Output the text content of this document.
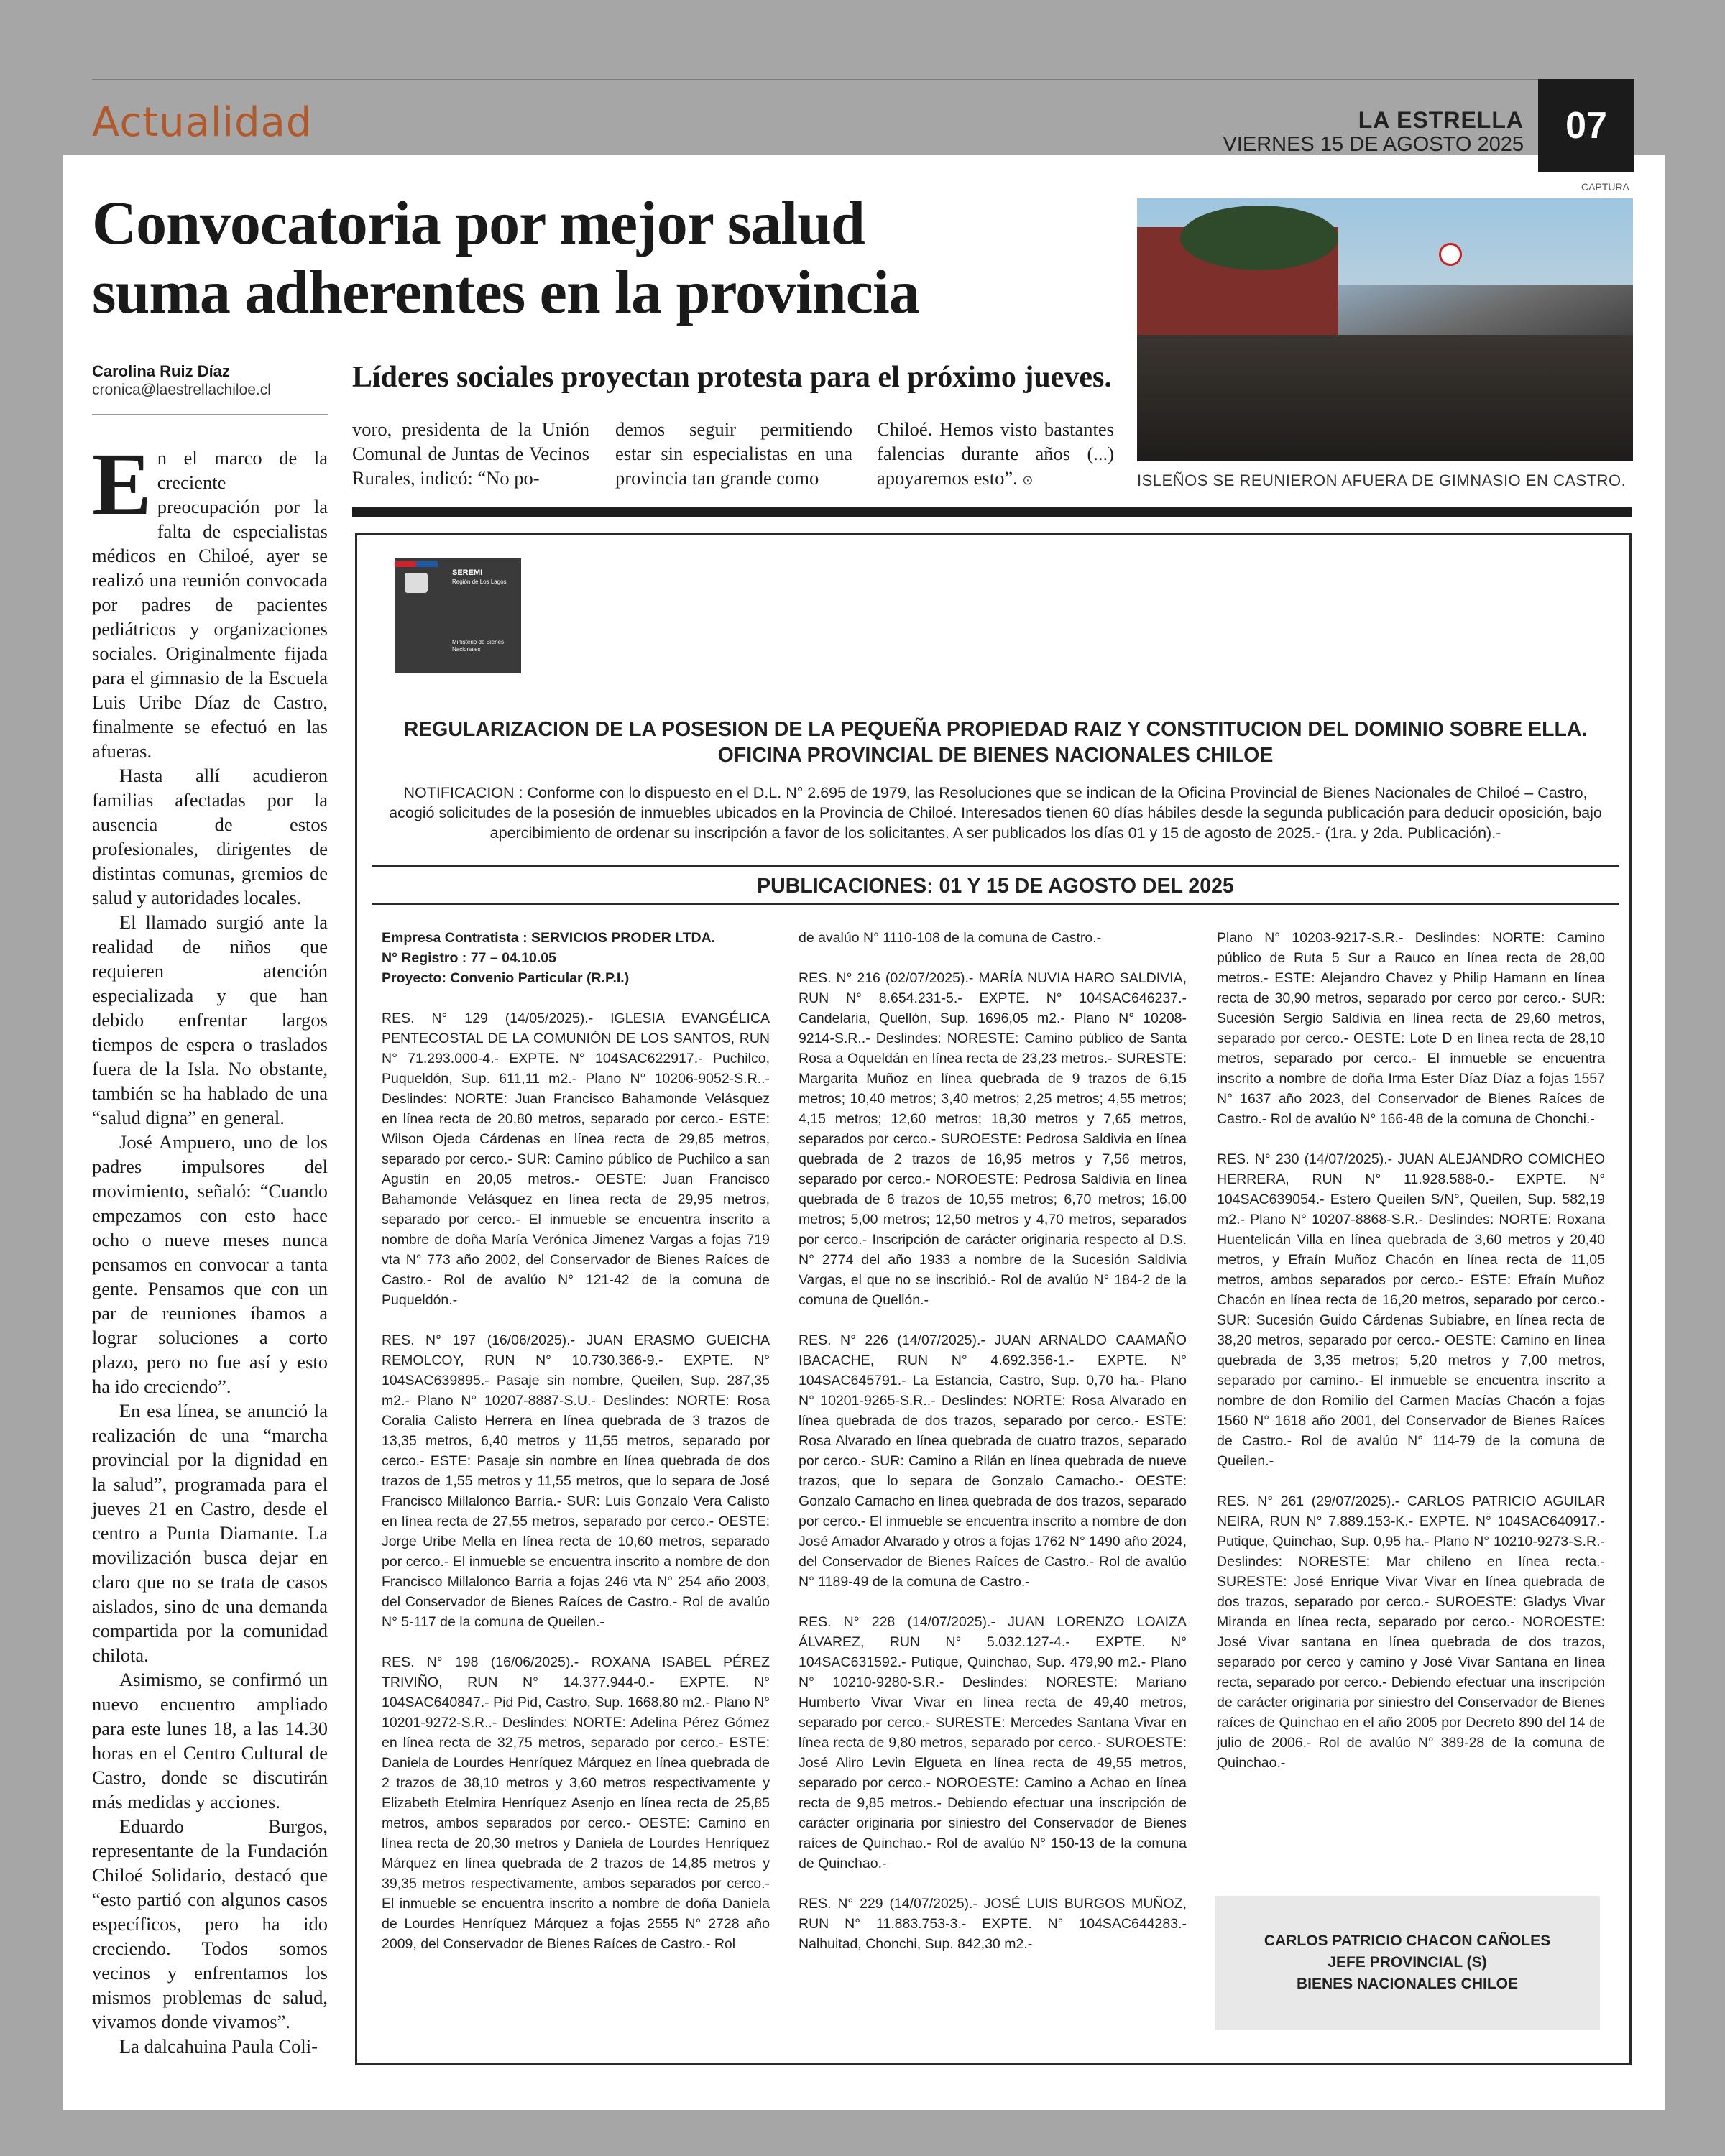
Actualidad	LA ESTRELLA
VIERNES 15 DE AGOSTO 2025	07
Convocatoria por mejor salud
suma adherentes en la provincia
Carolina Ruiz Díaz
cronica@laestrellachiloe.cl	Líderes sociales proyectan protesta para el próximo jueves.
CAPTURA
ISLEÑOS SE REUNIERON AFUERA DE GIMNASIO EN CASTRO.

En el marco de la creciente preocupación por la falta de especialistas médicos en Chiloé, ayer se realizó una reunión convocada por padres de pacientes pediátricos y organizaciones sociales. Originalmente fijada para el gimnasio de la Escuela Luis Uribe Díaz de Castro, finalmente se efectuó en las afueras.

Hasta allí acudieron familias afectadas por la ausencia de estos profesionales, dirigentes de distintas comunas, gremios de salud y autoridades locales.

El llamado surgió ante la realidad de niños que requieren atención especializada y que han debido enfrentar largos tiempos de espera o traslados fuera de la Isla. No obstante, también se ha hablado de una “salud digna” en general.

José Ampuero, uno de los padres impulsores del movimiento, señaló: “Cuando empezamos con esto hace ocho o nueve meses nunca pensamos en convocar a tanta gente. Pensamos que con un par de reuniones íbamos a lograr soluciones a corto plazo, pero no fue así y esto ha ido creciendo”.

En esa línea, se anunció la realización de una “marcha provincial por la dignidad en la salud”, programada para el jueves 21 en Castro, desde el centro a Punta Diamante. La movilización busca dejar en claro que no se trata de casos aislados, sino de una demanda compartida por la comunidad chilota.

Asimismo, se confirmó un nuevo encuentro ampliado para este lunes 18, a las 14.30 horas en el Centro Cultural de Castro, donde se discutirán más medidas y acciones.

Eduardo Burgos, representante de la Fundación Chiloé Solidario, destacó que “esto partió con algunos casos específicos, pero ha ido creciendo. Todos somos vecinos y enfrentamos los mismos problemas de salud, vivamos donde vivamos”.

La dalcahuina Paula Coli-

voro, presidenta de la Unión Comunal de Juntas de Vecinos Rurales, indicó: “No po-

demos seguir permitiendo estar sin especialistas en una provincia tan grande como

Chiloé. Hemos visto bastantes falencias durante años (...) apoyaremos esto”. ⊙

SEREMI
Región de Los Lagos
Ministerio de Bienes Nacionales
REGULARIZACION DE LA POSESION DE LA PEQUEÑA PROPIEDAD RAIZ Y CONSTITUCION DEL DOMINIO SOBRE ELLA.
OFICINA PROVINCIAL DE BIENES NACIONALES CHILOE
NOTIFICACION : Conforme con lo dispuesto en el D.L. N° 2.695 de 1979, las Resoluciones que se indican de la Oficina Provincial de Bienes Nacionales de Chiloé – Castro, acogió solicitudes de la posesión de inmuebles ubicados en la Provincia de Chiloé. Interesados tienen 60 días hábiles desde la segunda publicación para deducir oposición, bajo apercibimiento de ordenar su inscripción a favor de los solicitantes. A ser publicados los días 01 y 15 de agosto de 2025.- (1ra. y 2da. Publicación).-
PUBLICACIONES: 01 Y 15 DE AGOSTO DEL 2025

Empresa Contratista : SERVICIOS PRODER LTDA.
N° Registro : 77 – 04.10.05
Proyecto: Convenio Particular (R.P.I.)

RES. N° 129 (14/05/2025).- IGLESIA EVANGÉLICA PENTECOSTAL DE LA COMUNIÓN DE LOS SANTOS, RUN N° 71.293.000-4.- EXPTE. N° 104SAC622917.- Puchilco, Puqueldón, Sup. 611,11 m2.- Plano N° 10206-9052-S.R..- Deslindes: NORTE: Juan Francisco Bahamonde Velásquez en línea recta de 20,80 metros, separado por cerco.- ESTE: Wilson Ojeda Cárdenas en línea recta de 29,85 metros, separado por cerco.- SUR: Camino público de Puchilco a san Agustín en 20,05 metros.- OESTE: Juan Francisco Bahamonde Velásquez en línea recta de 29,95 metros, separado por cerco.- El inmueble se encuentra inscrito a nombre de doña María Verónica Jimenez Vargas a fojas 719 vta N° 773 año 2002, del Conservador de Bienes Raíces de Castro.- Rol de avalúo N° 121-42 de la comuna de Puqueldón.-

RES. N° 197 (16/06/2025).- JUAN ERASMO GUEICHA REMOLCOY, RUN N° 10.730.366-9.- EXPTE. N° 104SAC639895.- Pasaje sin nombre, Queilen, Sup. 287,35 m2.- Plano N° 10207-8887-S.U.- Deslindes: NORTE: Rosa Coralia Calisto Herrera en línea quebrada de 3 trazos de 13,35 metros, 6,40 metros y 11,55 metros, separado por cerco.- ESTE: Pasaje sin nombre en línea quebrada de dos trazos de 1,55 metros y 11,55 metros, que lo separa de José Francisco Millalonco Barría.- SUR: Luis Gonzalo Vera Calisto en línea recta de 27,55 metros, separado por cerco.- OESTE: Jorge Uribe Mella en línea recta de 10,60 metros, separado por cerco.- El inmueble se encuentra inscrito a nombre de don Francisco Millalonco Barria a fojas 246 vta N° 254 año 2003, del Conservador de Bienes Raíces de Castro.- Rol de avalúo N° 5-117 de la comuna de Queilen.-

RES. N° 198 (16/06/2025).- ROXANA ISABEL PÉREZ TRIVIÑO, RUN N° 14.377.944-0.- EXPTE. N° 104SAC640847.- Pid Pid, Castro, Sup. 1668,80 m2.- Plano N° 10201-9272-S.R..- Deslindes: NORTE: Adelina Pérez Gómez en línea recta de 32,75 metros, separado por cerco.- ESTE: Daniela de Lourdes Henríquez Márquez en línea quebrada de 2 trazos de 38,10 metros y 3,60 metros respectivamente y Elizabeth Etelmira Henríquez Asenjo en línea recta de 25,85 metros, ambos separados por cerco.- OESTE: Camino en línea recta de 20,30 metros y Daniela de Lourdes Henríquez Márquez en línea quebrada de 2 trazos de 14,85 metros y 39,35 metros respectivamente, ambos separados por cerco.- El inmueble se encuentra inscrito a nombre de doña Daniela de Lourdes Henríquez Márquez a fojas 2555 N° 2728 año 2009, del Conservador de Bienes Raíces de Castro.- Rol

de avalúo N° 1110-108 de la comuna de Castro.-

RES. N° 216 (02/07/2025).- MARÍA NUVIA HARO SALDIVIA, RUN N° 8.654.231-5.- EXPTE. N° 104SAC646237.- Candelaria, Quellón, Sup. 1696,05 m2.- Plano N° 10208-9214-S.R..- Deslindes: NORESTE: Camino público de Santa Rosa a Oqueldán en línea recta de 23,23 metros.- SURESTE: Margarita Muñoz en línea quebrada de 9 trazos de 6,15 metros; 10,40 metros; 3,40 metros; 2,25 metros; 4,55 metros; 4,15 metros; 12,60 metros; 18,30 metros y 7,65 metros, separados por cerco.- SUROESTE: Pedrosa Saldivia en línea quebrada de 2 trazos de 16,95 metros y 7,56 metros, separado por cerco.- NOROESTE: Pedrosa Saldivia en línea quebrada de 6 trazos de 10,55 metros; 6,70 metros; 16,00 metros; 5,00 metros; 12,50 metros y 4,70 metros, separados por cerco.- Inscripción de carácter originaria respecto al D.S. N° 2774 del año 1933 a nombre de la Sucesión Saldivia Vargas, el que no se inscribió.- Rol de avalúo N° 184-2 de la comuna de Quellón.-

RES. N° 226 (14/07/2025).- JUAN ARNALDO CAAMAÑO IBACACHE, RUN N° 4.692.356-1.- EXPTE. N° 104SAC645791.- La Estancia, Castro, Sup. 0,70 ha.- Plano N° 10201-9265-S.R..- Deslindes: NORTE: Rosa Alvarado en línea quebrada de dos trazos, separado por cerco.- ESTE: Rosa Alvarado en línea quebrada de cuatro trazos, separado por cerco.- SUR: Camino a Rilán en línea quebrada de nueve trazos, que lo separa de Gonzalo Camacho.- OESTE: Gonzalo Camacho en línea quebrada de dos trazos, separado por cerco.- El inmueble se encuentra inscrito a nombre de don José Amador Alvarado y otros a fojas 1762 N° 1490 año 2024, del Conservador de Bienes Raíces de Castro.- Rol de avalúo N° 1189-49 de la comuna de Castro.-

RES. N° 228 (14/07/2025).- JUAN LORENZO LOAIZA ÁLVAREZ, RUN N° 5.032.127-4.- EXPTE. N° 104SAC631592.- Putique, Quinchao, Sup. 479,90 m2.- Plano N° 10210-9280-S.R.- Deslindes: NORESTE: Mariano Humberto Vivar Vivar en línea recta de 49,40 metros, separado por cerco.- SURESTE: Mercedes Santana Vivar en línea recta de 9,80 metros, separado por cerco.- SUROESTE: José Aliro Levin Elgueta en línea recta de 49,55 metros, separado por cerco.- NOROESTE: Camino a Achao en línea recta de 9,85 metros.- Debiendo efectuar una inscripción de carácter originaria por siniestro del Conservador de Bienes raíces de Quinchao.- Rol de avalúo N° 150-13 de la comuna de Quinchao.-

RES. N° 229 (14/07/2025).- JOSÉ LUIS BURGOS MUÑOZ, RUN N° 11.883.753-3.- EXPTE. N° 104SAC644283.- Nalhuitad, Chonchi, Sup. 842,30 m2.-

Plano N° 10203-9217-S.R.- Deslindes: NORTE: Camino público de Ruta 5 Sur a Rauco en línea recta de 28,00 metros.- ESTE: Alejandro Chavez y Philip Hamann en línea recta de 30,90 metros, separado por cerco por cerco.- SUR: Sucesión Sergio Saldivia en línea recta de 29,60 metros, separado por cerco.- OESTE: Lote D en línea recta de 28,10 metros, separado por cerco.- El inmueble se encuentra inscrito a nombre de doña Irma Ester Díaz Díaz a fojas 1557 N° 1637 año 2023, del Conservador de Bienes Raíces de Castro.- Rol de avalúo N° 166-48 de la comuna de Chonchi.-

RES. N° 230 (14/07/2025).- JUAN ALEJANDRO COMICHEO HERRERA, RUN N° 11.928.588-0.- EXPTE. N° 104SAC639054.- Estero Queilen S/N°, Queilen, Sup. 582,19 m2.- Plano N° 10207-8868-S.R.- Deslindes: NORTE: Roxana Huentelicán Villa en línea quebrada de 3,60 metros y 20,40 metros, y Efraín Muñoz Chacón en línea recta de 11,05 metros, ambos separados por cerco.- ESTE: Efraín Muñoz Chacón en línea recta de 16,20 metros, separado por cerco.- SUR: Sucesión Guido Cárdenas Subiabre, en línea recta de 38,20 metros, separado por cerco.- OESTE: Camino en línea quebrada de 3,35 metros; 5,20 metros y 7,00 metros, separado por camino.- El inmueble se encuentra inscrito a nombre de don Romilio del Carmen Macías Chacón a fojas 1560 N° 1618 año 2001, del Conservador de Bienes Raíces de Castro.- Rol de avalúo N° 114-79 de la comuna de Queilen.-

RES. N° 261 (29/07/2025).- CARLOS PATRICIO AGUILAR NEIRA, RUN N° 7.889.153-K.- EXPTE. N° 104SAC640917.- Putique, Quinchao, Sup. 0,95 ha.- Plano N° 10210-9273-S.R.- Deslindes: NORESTE: Mar chileno en línea recta.- SURESTE: José Enrique Vivar Vivar en línea quebrada de dos trazos, separado por cerco.- SUROESTE: Gladys Vivar Miranda en línea recta, separado por cerco.- NOROESTE: José Vivar santana en línea quebrada de dos trazos, separado por cerco y camino y José Vivar Santana en línea recta, separado por cerco.- Debiendo efectuar una inscripción de carácter originaria por siniestro del Conservador de Bienes raíces de Quinchao en el año 2005 por Decreto 890 del 14 de julio de 2006.- Rol de avalúo N° 389-28 de la comuna de Quinchao.-

CARLOS PATRICIO CHACON CAÑOLES
JEFE PROVINCIAL (S)
BIENES NACIONALES CHILOE
